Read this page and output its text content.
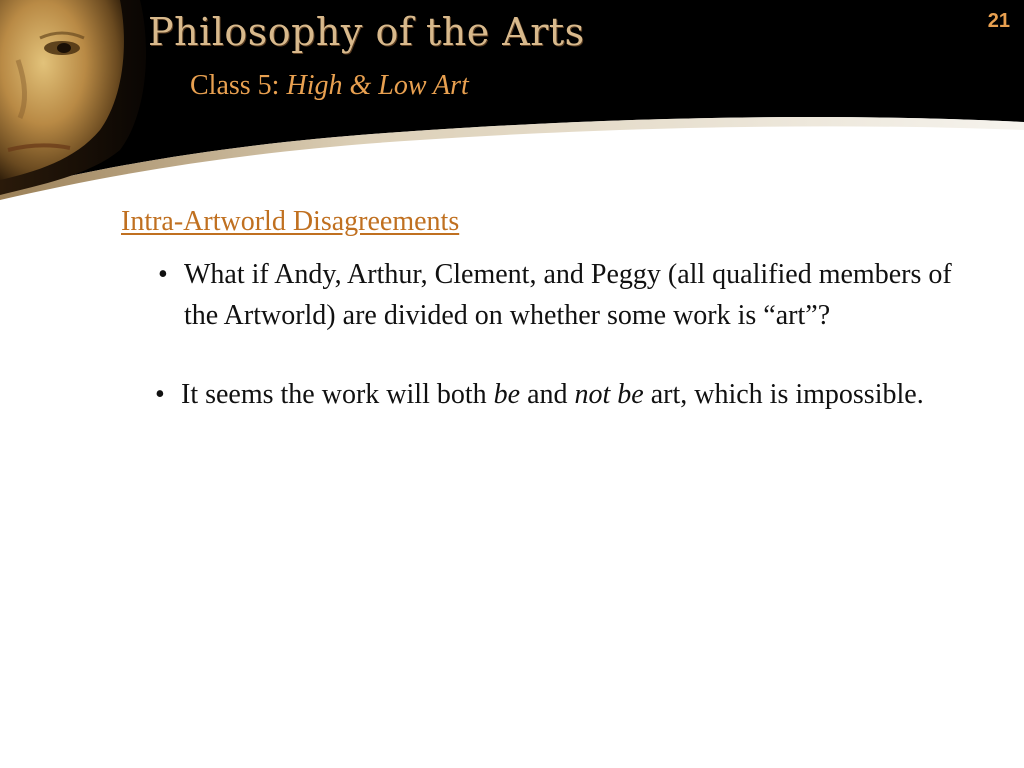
Philosophy of the Arts
Class 5: High & Low Art
21
Intra-Artworld Disagreements
• What if Andy, Arthur, Clement, and Peggy (all qualified members of the Artworld) are divided on whether some work is “art”?
• It seems the work will both be and not be art, which is impossible.
